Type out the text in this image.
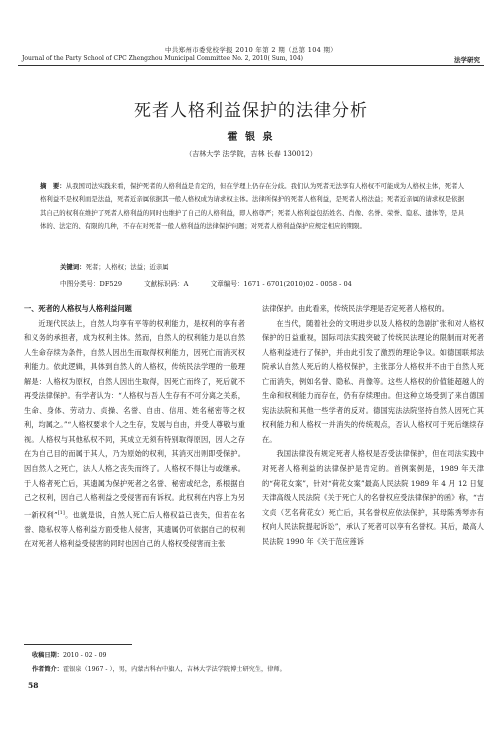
中共郑州市委党校学报 2010 年第 2 期（总第 104 期）
Journal of the Party School of CPC Zhengzhou Municipal Committee No. 2, 2010( Sum, 104)	法学研究
死者人格利益保护的法律分析
霍 银 泉
（吉林大学 法学院，吉林 长春 130012）
摘　要：从我国司法实践来看，保护死者的人格利益是肯定的，但在学理上仍存在分歧。我们认为死者无法享有人格权不可能成为人格权主体，死者人格利益不是权利而是法益，死者近亲属依据其一般人格权成为请求权主体。法律所保护的死者人格利益，是死者人格法益；死者近亲属的请求权是依据其自己的权利在维护了死者人格利益的同时也维护了自己的人格利益，即人格尊严；死者人格利益包括姓名、肖像、名誉、荣誉、隐私、遗体等，是具体的、法定的、有限的几种，不存在对死者一般人格利益的法律保护问题；对死者人格利益保护应规定相应的期限。
关键词：死者；人格权；法益；近亲属
中图分类号：DF529	文献标识码：A	文章编号：1671 - 6701(2010)02 - 0058 - 04
一、死者的人格权与人格利益问题

近现代民法上，自然人均享有平等的权利能力，是权利的享有者和义务的承担者，成为权利主体。然而，自然人的权利能力是以自然人生命存续为条件，自然人因出生而取得权利能力，因死亡而消灭权利能力。依此逻辑，具体到自然人的人格权，传统民法学理的一般理解是：人格权为原权，自然人因出生取得，因死亡而终了，死后就不再受法律保护。有学者认为：“人格权与吾人生存有不可分离之关系，生命、身体、劳动力、贞操、名誉、自由、信用、姓名秘密等之权利，均属之。”“人格权要求个人之生存，发展与自由，并受人尊敬与重视。人格权与其他私权不同，其成立无须有特别取得原因，因人之存在为自己目的而属于其人，乃为原始的权利，其消灭出则即受保护。因自然人之死亡，法人人格之丧失而终了。人格权不得让与或继承。于人格者死亡后，其遗属为保护死者之名誉、秘密或纪念，系根据自己之权利，因自己人格利益之受侵害而有诉权。此权利在内容上为另一新权利”[1]。也就是说，自然人死亡后人格权益已丧失，但若在名誉、隐私权等人格利益方面受他人侵害，其遗属仍可依据自己的权利在对死者人格利益受侵害的同时也因自己的人格权受侵害而主张

法律保护。由此看来，传统民法学理是否定死者人格权的。

在当代，随着社会的文明进步以及人格权的急剧扩张和对人格权保护的日益重视，国际司法实践突破了传统民法理论的限制而对死者人格利益进行了保护，并由此引发了激烈的理论争议。如德国联邦法院承认自然人死后的人格权保护，主张部分人格权并不由于自然人死亡而消失，例如名誉、隐私、肖像等。这些人格权的价值能超越人的生命和权利能力而存在，仍有存续理由。但这种立场受到了来自德国宪法法院和其他一些学者的反对。德国宪法法院坚持自然人因死亡其权利能力和人格权一并消失的传统观点，否认人格权可于死后继续存在。

我国法律没有规定死者人格权是否受法律保护，但在司法实践中对死者人格利益的法律保护是肯定的。首例案例是，1989 年天津的“荷花女案”，针对“荷花女案”最高人民法院 1989 年 4 月 12 日复天津高级人民法院《关于死亡人的名誉权应受法律保护的函》称，“吉文贞（艺名荷花女）死亡后，其名誉权应依法保护，其母陈秀琴亦有权向人民法院提起诉讼”，承认了死者可以享有名誉权。其后，最高人民法院 1990 年《关于范应莲诉

收稿日期：2010 - 02 - 09
作者简介：霍银泉（1967 - ），男，内蒙古科右中旗人，吉林大学法学院博士研究生，律师。
58
